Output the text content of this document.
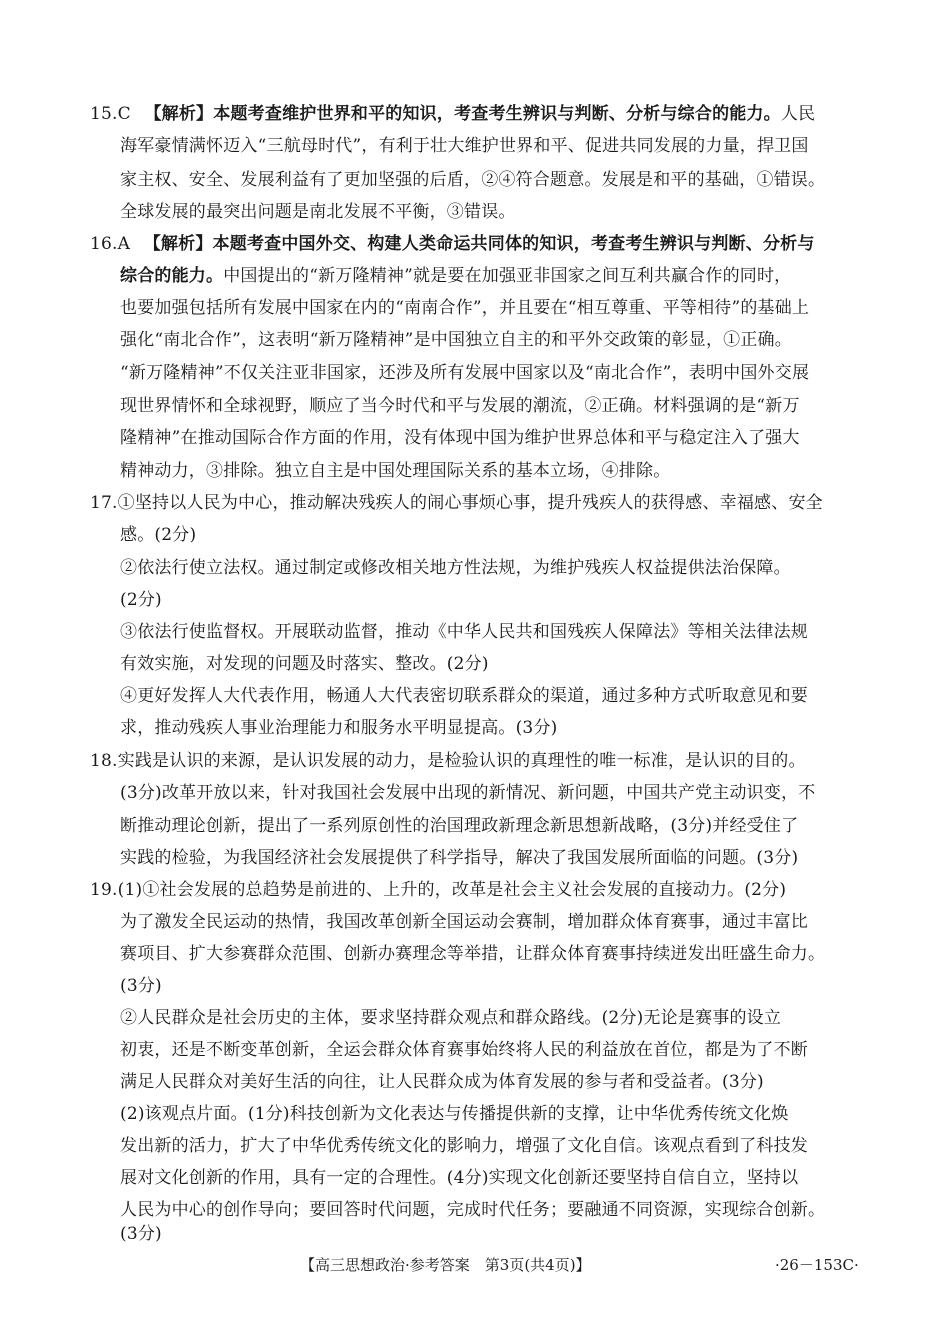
15.C 【解析】本题考查维护世界和平的知识，考查考生辨识与判断、分析与综合的能力。人民
海军豪情满怀迈入“三航母时代”，有利于壮大维护世界和平、促进共同发展的力量，捍卫国
家主权、安全、发展利益有了更加坚强的后盾，②④符合题意。发展是和平的基础，①错误。
全球发展的最突出问题是南北发展不平衡，③错误。
16.A 【解析】本题考查中国外交、构建人类命运共同体的知识，考查考生辨识与判断、分析与
综合的能力。中国提出的“新万隆精神”就是要在加强亚非国家之间互利共赢合作的同时，
也要加强包括所有发展中国家在内的“南南合作”，并且要在“相互尊重、平等相待”的基础上
强化“南北合作”，这表明“新万隆精神”是中国独立自主的和平外交政策的彰显，①正确。
“新万隆精神”不仅关注亚非国家，还涉及所有发展中国家以及“南北合作”，表明中国外交展
现世界情怀和全球视野，顺应了当今时代和平与发展的潮流，②正确。材料强调的是“新万
隆精神”在推动国际合作方面的作用，没有体现中国为维护世界总体和平与稳定注入了强大
精神动力，③排除。独立自主是中国处理国际关系的基本立场，④排除。
17.①坚持以人民为中心，推动解决残疾人的闹心事烦心事，提升残疾人的获得感、幸福感、安全
感。(2分)
②依法行使立法权。通过制定或修改相关地方性法规，为维护残疾人权益提供法治保障。
(2分)
③依法行使监督权。开展联动监督，推动《中华人民共和国残疾人保障法》等相关法律法规
有效实施，对发现的问题及时落实、整改。(2分)
④更好发挥人大代表作用，畅通人大代表密切联系群众的渠道，通过多种方式听取意见和要
求，推动残疾人事业治理能力和服务水平明显提高。(3分)
18.实践是认识的来源，是认识发展的动力，是检验认识的真理性的唯一标准，是认识的目的。
(3分)改革开放以来，针对我国社会发展中出现的新情况、新问题，中国共产党主动识变，不
断推动理论创新，提出了一系列原创性的治国理政新理念新思想新战略，(3分)并经受住了
实践的检验，为我国经济社会发展提供了科学指导，解决了我国发展所面临的问题。(3分)
19.(1)①社会发展的总趋势是前进的、上升的，改革是社会主义社会发展的直接动力。(2分)
为了激发全民运动的热情，我国改革创新全国运动会赛制，增加群众体育赛事，通过丰富比
赛项目、扩大参赛群众范围、创新办赛理念等举措，让群众体育赛事持续迸发出旺盛生命力。
(3分)
②人民群众是社会历史的主体，要求坚持群众观点和群众路线。(2分)无论是赛事的设立
初衷，还是不断变革创新，全运会群众体育赛事始终将人民的利益放在首位，都是为了不断
满足人民群众对美好生活的向往，让人民群众成为体育发展的参与者和受益者。(3分)
(2)该观点片面。(1分)科技创新为文化表达与传播提供新的支撑，让中华优秀传统文化焕
发出新的活力，扩大了中华优秀传统文化的影响力，增强了文化自信。该观点看到了科技发
展对文化创新的作用，具有一定的合理性。(4分)实现文化创新还要坚持自信自立，坚持以
人民为中心的创作导向；要回答时代问题，完成时代任务；要融通不同资源，实现综合创新。
(3分)
【高三思想政治·参考答案　第3页(共4页)】	·26－153C·
